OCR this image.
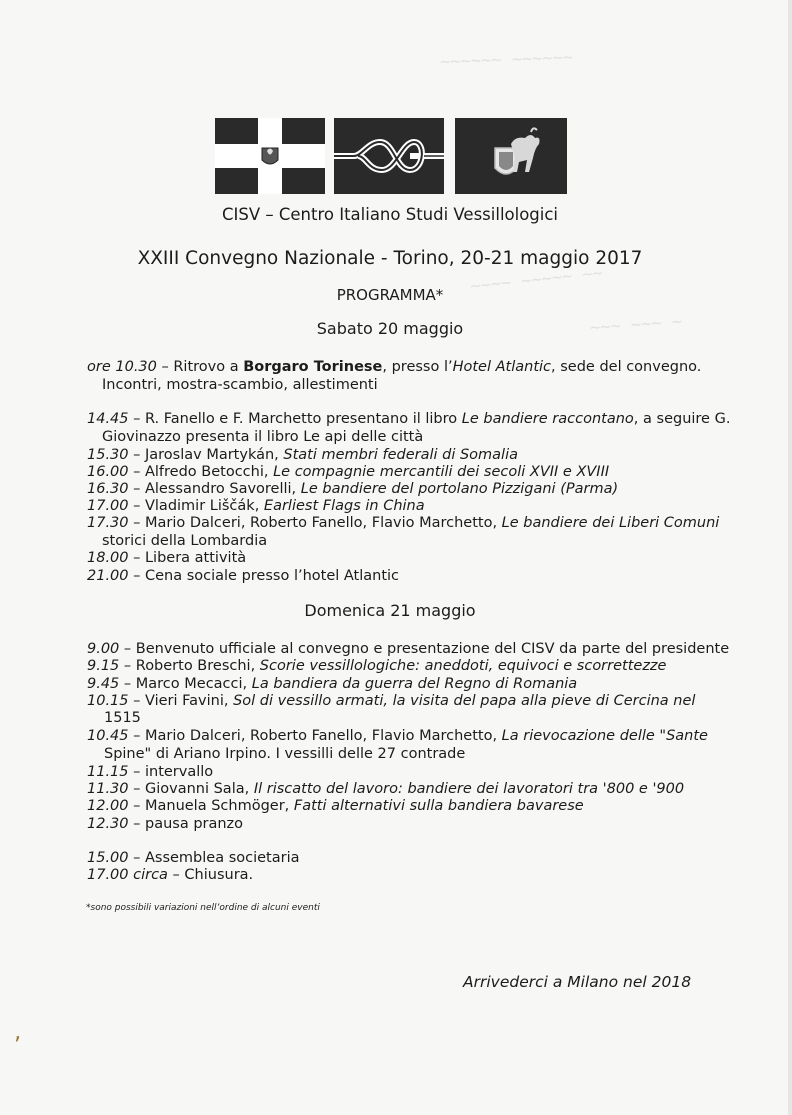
~~~~~~ ~~~~~~
~~~~ ~~~~~ ~~
~~~ ~~~ ~
CISV – Centro Italiano Studi Vessillologici
XXIII Convegno Nazionale - Torino, 20-21 maggio 2017
PROGRAMMA*
Sabato 20 maggio
ore 10.30 – Ritrovo a Borgaro Torinese, presso l’Hotel Atlantic, sede del convegno.
Incontri, mostra-scambio, allestimenti
14.45 – R. Fanello e F. Marchetto presentano il libro Le bandiere raccontano, a seguire G.
Giovinazzo presenta il libro Le api delle città
15.30 – Jaroslav Martykán, Stati membri federali di Somalia
16.00 – Alfredo Betocchi, Le compagnie mercantili dei secoli XVII e XVIII
16.30 – Alessandro Savorelli, Le bandiere del portolano Pizzigani (Parma)
17.00 – Vladimir Liščák, Earliest Flags in China
17.30 – Mario Dalceri, Roberto Fanello, Flavio Marchetto, Le bandiere dei Liberi Comuni
storici della Lombardia
18.00 – Libera attività
21.00 – Cena sociale presso l’hotel Atlantic
Domenica 21 maggio
9.00 – Benvenuto ufficiale al convegno e presentazione del CISV da parte del presidente
9.15 – Roberto Breschi, Scorie vessillologiche: aneddoti, equivoci e scorrettezze
9.45 – Marco Mecacci, La bandiera da guerra del Regno di Romania
10.15 – Vieri Favini, Sol di vessillo armati, la visita del papa alla pieve di Cercina nel
1515
10.45 – Mario Dalceri, Roberto Fanello, Flavio Marchetto, La rievocazione delle "Sante
Spine" di Ariano Irpino. I vessilli delle 27 contrade
11.15 – intervallo
11.30 – Giovanni Sala, Il riscatto del lavoro: bandiere dei lavoratori tra '800 e '900
12.00 – Manuela Schmöger, Fatti alternativi sulla bandiera bavarese
12.30 – pausa pranzo
15.00 – Assemblea societaria
17.00 circa – Chiusura.
*sono possibili variazioni nell’ordine di alcuni eventi
Arrivederci a Milano nel 2018
‚
